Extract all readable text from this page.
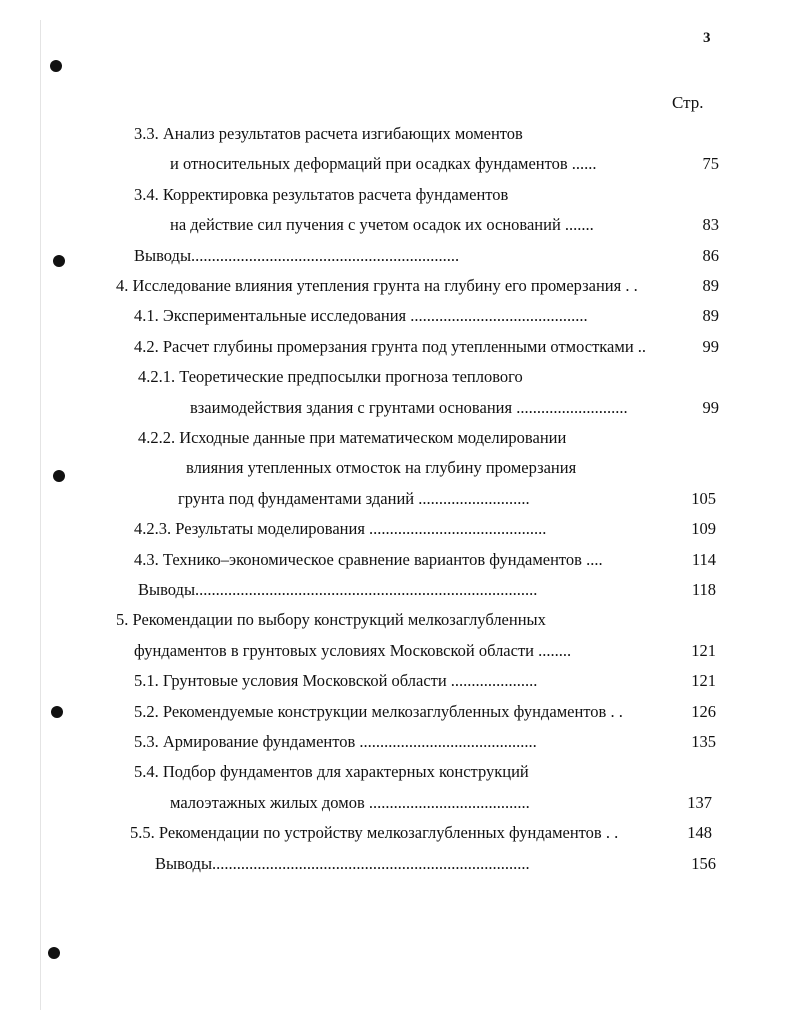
3
Стр.
3.3. Анализ результатов расчета изгибающих моментов
и относительных деформаций при осадках фундаментов ......	75
3.4. Корректировка результатов расчета фундаментов
на действие сил пучения с учетом осадок их оснований .......	83
Выводы.................................................................	86
4. Исследование влияния утепления грунта на глубину его промерзания . .	89
4.1. Экспериментальные исследования ...........................................	89
4.2. Расчет глубины промерзания грунта под утепленными отмостками ..	99
4.2.1. Теоретические предпосылки прогноза теплового
взаимодействия здания с грунтами основания ...........................	99
4.2.2. Исходные данные при математическом моделировании
влияния утепленных отмосток на глубину промерзания
грунта под фундаментами зданий ...........................	105
4.2.3. Результаты моделирования ...........................................	109
4.3. Технико–экономическое сравнение вариантов фундаментов ....	114
Выводы...................................................................................	118
5. Рекомендации по выбору конструкций мелкозаглубленных
фундаментов в грунтовых условиях Московской области ........	121
5.1. Грунтовые условия Московской области .....................	121
5.2. Рекомендуемые конструкции мелкозаглубленных фундаментов . .	126
5.3. Армирование фундаментов ...........................................	135
5.4. Подбор фундаментов для характерных конструкций
малоэтажных жилых домов .......................................	137
5.5. Рекомендации по устройству мелкозаглубленных фундаментов . .	148
Выводы.............................................................................	156
